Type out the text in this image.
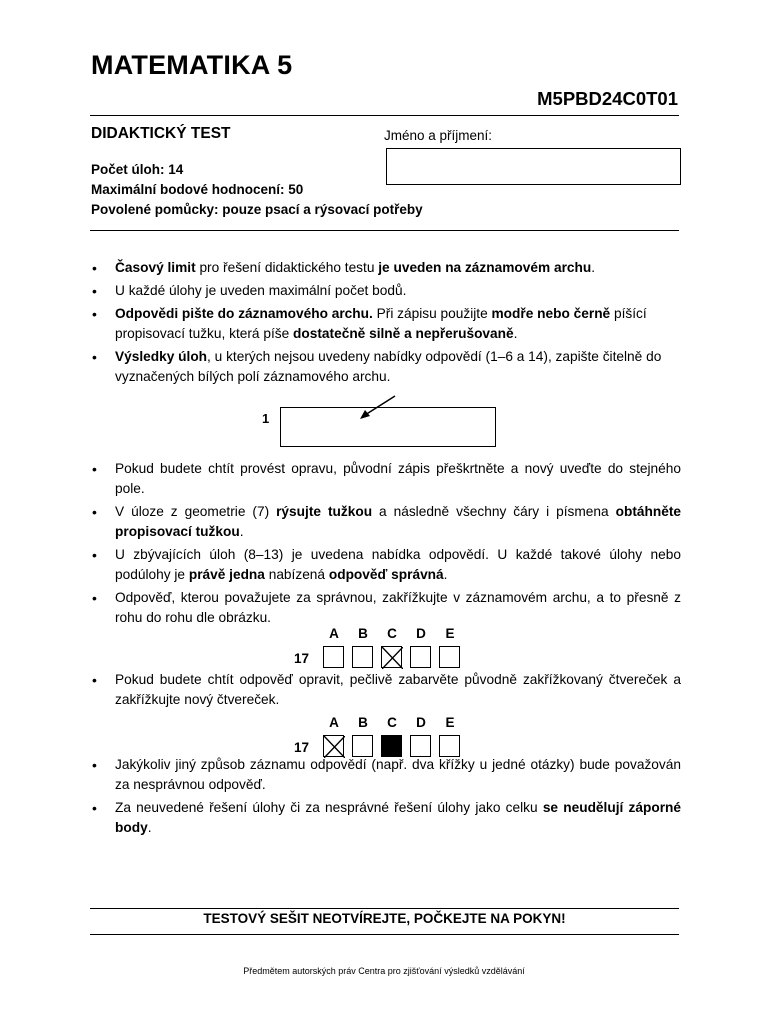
MATEMATIKA 5
M5PBD24C0T01
DIDAKTICKÝ TEST	Jméno a příjmení:
Počet úloh: 14
Maximální bodové hodnocení: 50
Povolené pomůcky: pouze psací a rýsovací potřeby
• Časový limit pro řešení didaktického testu je uveden na záznamovém archu.
• U každé úlohy je uveden maximální počet bodů.
• Odpovědi pište do záznamového archu. Při zápisu použijte modře nebo černě píšící propisovací tužku, která píše dostatečně silně a nepřerušovaně.
• Výsledky úloh, u kterých nejsou uvedeny nabídky odpovědí (1–6 a 14), zapište čitelně do vyznačených bílých polí záznamového archu.
• Pokud budete chtít provést opravu, původní zápis přeškrtněte a nový uveďte do stejného pole.
• V úloze z geometrie (7) rýsujte tužkou a následně všechny čáry i písmena obtáhněte propisovací tužkou.
• U zbývajících úloh (8–13) je uvedena nabídka odpovědí. U každé takové úlohy nebo podúlohy je právě jedna nabízená odpověď správná.
• Odpověď, kterou považujete za správnou, zakřížkujte v záznamovém archu, a to přesně z rohu do rohu dle obrázku.
• Pokud budete chtít odpověď opravit, pečlivě zabarvěte původně zakřížkovaný čtvereček a zakřížkujte nový čtvereček.
• Jakýkoliv jiný způsob záznamu odpovědí (např. dva křížky u jedné otázky) bude považován za nesprávnou odpověď.
• Za neuvedené řešení úlohy či za nesprávné řešení úlohy jako celku se neudělují záporné body.
1
17
A	B	C	D	E
17
A	B	C	D	E
TESTOVÝ SEŠIT NEOTVÍREJTE, POČKEJTE NA POKYN!
Předmětem autorských práv Centra pro zjišťování výsledků vzdělávání
